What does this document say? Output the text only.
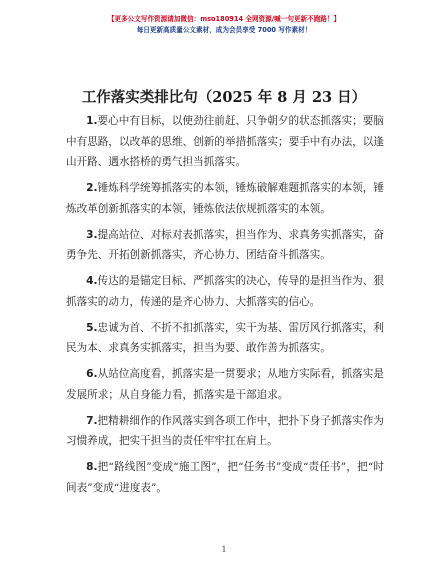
【更多公文写作资源请加微信：mso180914 全网资源/喊一句更新不跑路！】
每日更新高质量公文素材，成为会员享受 7000 写作素材！
工作落实类排比句（2025 年 8 月 23 日）

1.要心中有目标，以使劲往前赶、只争朝夕的状态抓落实；要脑中有思路，以改革的思维、创新的举措抓落实；要手中有办法，以逢山开路、遇水搭桥的勇气担当抓落实。

2.锤炼科学统筹抓落实的本领，锤炼破解难题抓落实的本领，锤炼改革创新抓落实的本领，锤炼依法依规抓落实的本领。

3.提高站位、对标对表抓落实，担当作为、求真务实抓落实，奋勇争先、开拓创新抓落实，齐心协力、团结奋斗抓落实。

4.传达的是锚定目标、严抓落实的决心，传导的是担当作为、狠抓落实的动力，传递的是齐心协力、大抓落实的信心。

5.忠诚为首、不折不扣抓落实，实干为基、雷厉风行抓落实，利民为本、求真务实抓落实，担当为要、敢作善为抓落实。

6.从站位高度看，抓落实是一贯要求；从地方实际看，抓落实是发展所求；从自身能力看，抓落实是干部追求。

7.把精耕细作的作风落实到各项工作中，把扑下身子抓落实作为习惯养成，把实干担当的责任牢牢扛在肩上。

8.把“路线图”变成“施工图”，把“任务书”变成“责任书”，把“时间表”变成“进度表”。

1
